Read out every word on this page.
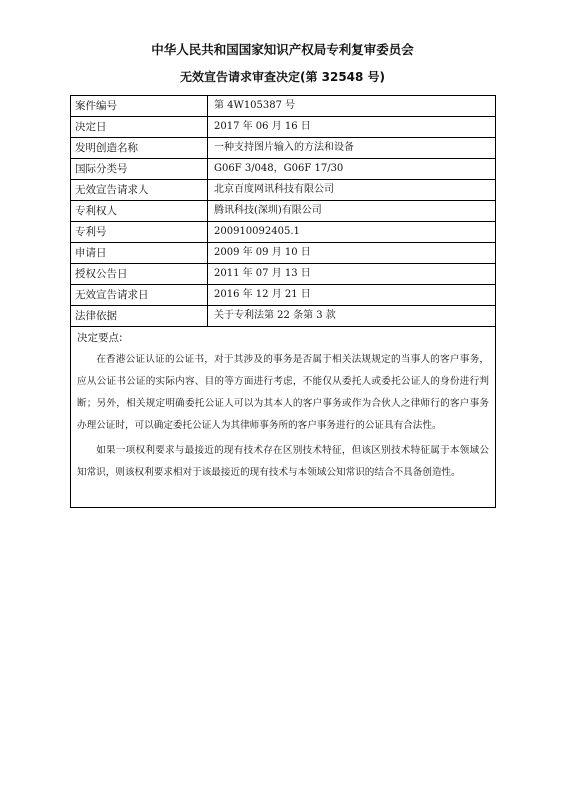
中华人民共和国国家知识产权局专利复审委员会
无效宣告请求审查决定(第 32548 号)
案件编号	第 4W105387 号
决定日	2017 年 06 月 16 日
发明创造名称	一种支持图片输入的方法和设备
国际分类号	G06F 3/048，G06F 17/30
无效宣告请求人	北京百度网讯科技有限公司
专利权人	腾讯科技(深圳)有限公司
专利号	200910092405.1
申请日	2009 年 09 月 10 日
授权公告日	2011 年 07 月 13 日
无效宣告请求日	2016 年 12 月 21 日
法律依据	关于专利法第 22 条第 3 款
决定要点:

在香港公证认证的公证书，对于其涉及的事务是否属于相关法规规定的当事人的客户事务，应从公证书公证的实际内容、目的等方面进行考虑，不能仅从委托人或委托公证人的身份进行判断；另外，相关规定明确委托公证人可以为其本人的客户事务或作为合伙人之律师行的客户事务办理公证时，可以确定委托公证人为其律师事务所的客户事务进行的公证具有合法性。

如果一项权利要求与最接近的现有技术存在区别技术特征，但该区别技术特征属于本领域公知常识，则该权利要求相对于该最接近的现有技术与本领域公知常识的结合不具备创造性。
